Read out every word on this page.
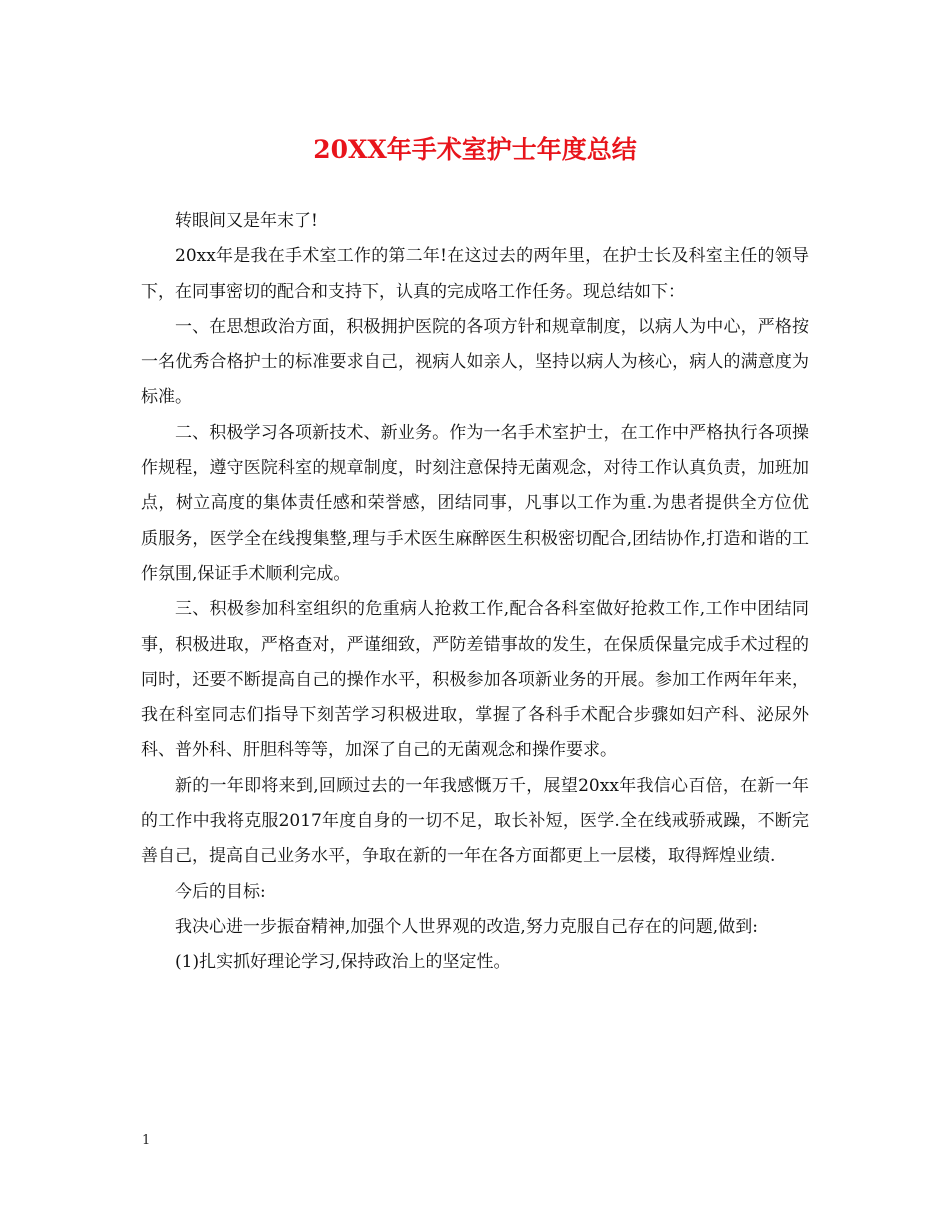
20XX年手术室护士年度总结

转眼间又是年末了!

20xx年是我在手术室工作的第二年!在这过去的两年里，在护士长及科室主任的领导下，在同事密切的配合和支持下，认真的完成咯工作任务。现总结如下：

一、在思想政治方面，积极拥护医院的各项方针和规章制度，以病人为中心，严格按一名优秀合格护士的标准要求自己，视病人如亲人，坚持以病人为核心，病人的满意度为标准。

二、积极学习各项新技术、新业务。作为一名手术室护士，在工作中严格执行各项操作规程，遵守医院科室的规章制度，时刻注意保持无菌观念，对待工作认真负责，加班加点，树立高度的集体责任感和荣誉感，团结同事，凡事以工作为重.为患者提供全方位优质服务，医学全在线搜集整,理与手术医生麻醉医生积极密切配合,团结协作,打造和谐的工作氛围,保证手术顺利完成。

三、积极参加科室组织的危重病人抢救工作,配合各科室做好抢救工作,工作中团结同事，积极进取，严格查对，严谨细致，严防差错事故的发生，在保质保量完成手术过程的同时，还要不断提高自己的操作水平，积极参加各项新业务的开展。参加工作两年年来，我在科室同志们指导下刻苦学习积极进取，掌握了各科手术配合步骤如妇产科、泌尿外科、普外科、肝胆科等等，加深了自己的无菌观念和操作要求。

新的一年即将来到,回顾过去的一年我感慨万千，展望20xx年我信心百倍，在新一年的工作中我将克服2017年度自身的一切不足，取长补短，医学.全在线戒骄戒躁，不断完善自己，提高自己业务水平，争取在新的一年在各方面都更上一层楼，取得辉煌业绩.

今后的目标:

我决心进一步振奋精神,加强个人世界观的改造,努力克服自己存在的问题,做到:

(1)扎实抓好理论学习,保持政治上的坚定性。

1
